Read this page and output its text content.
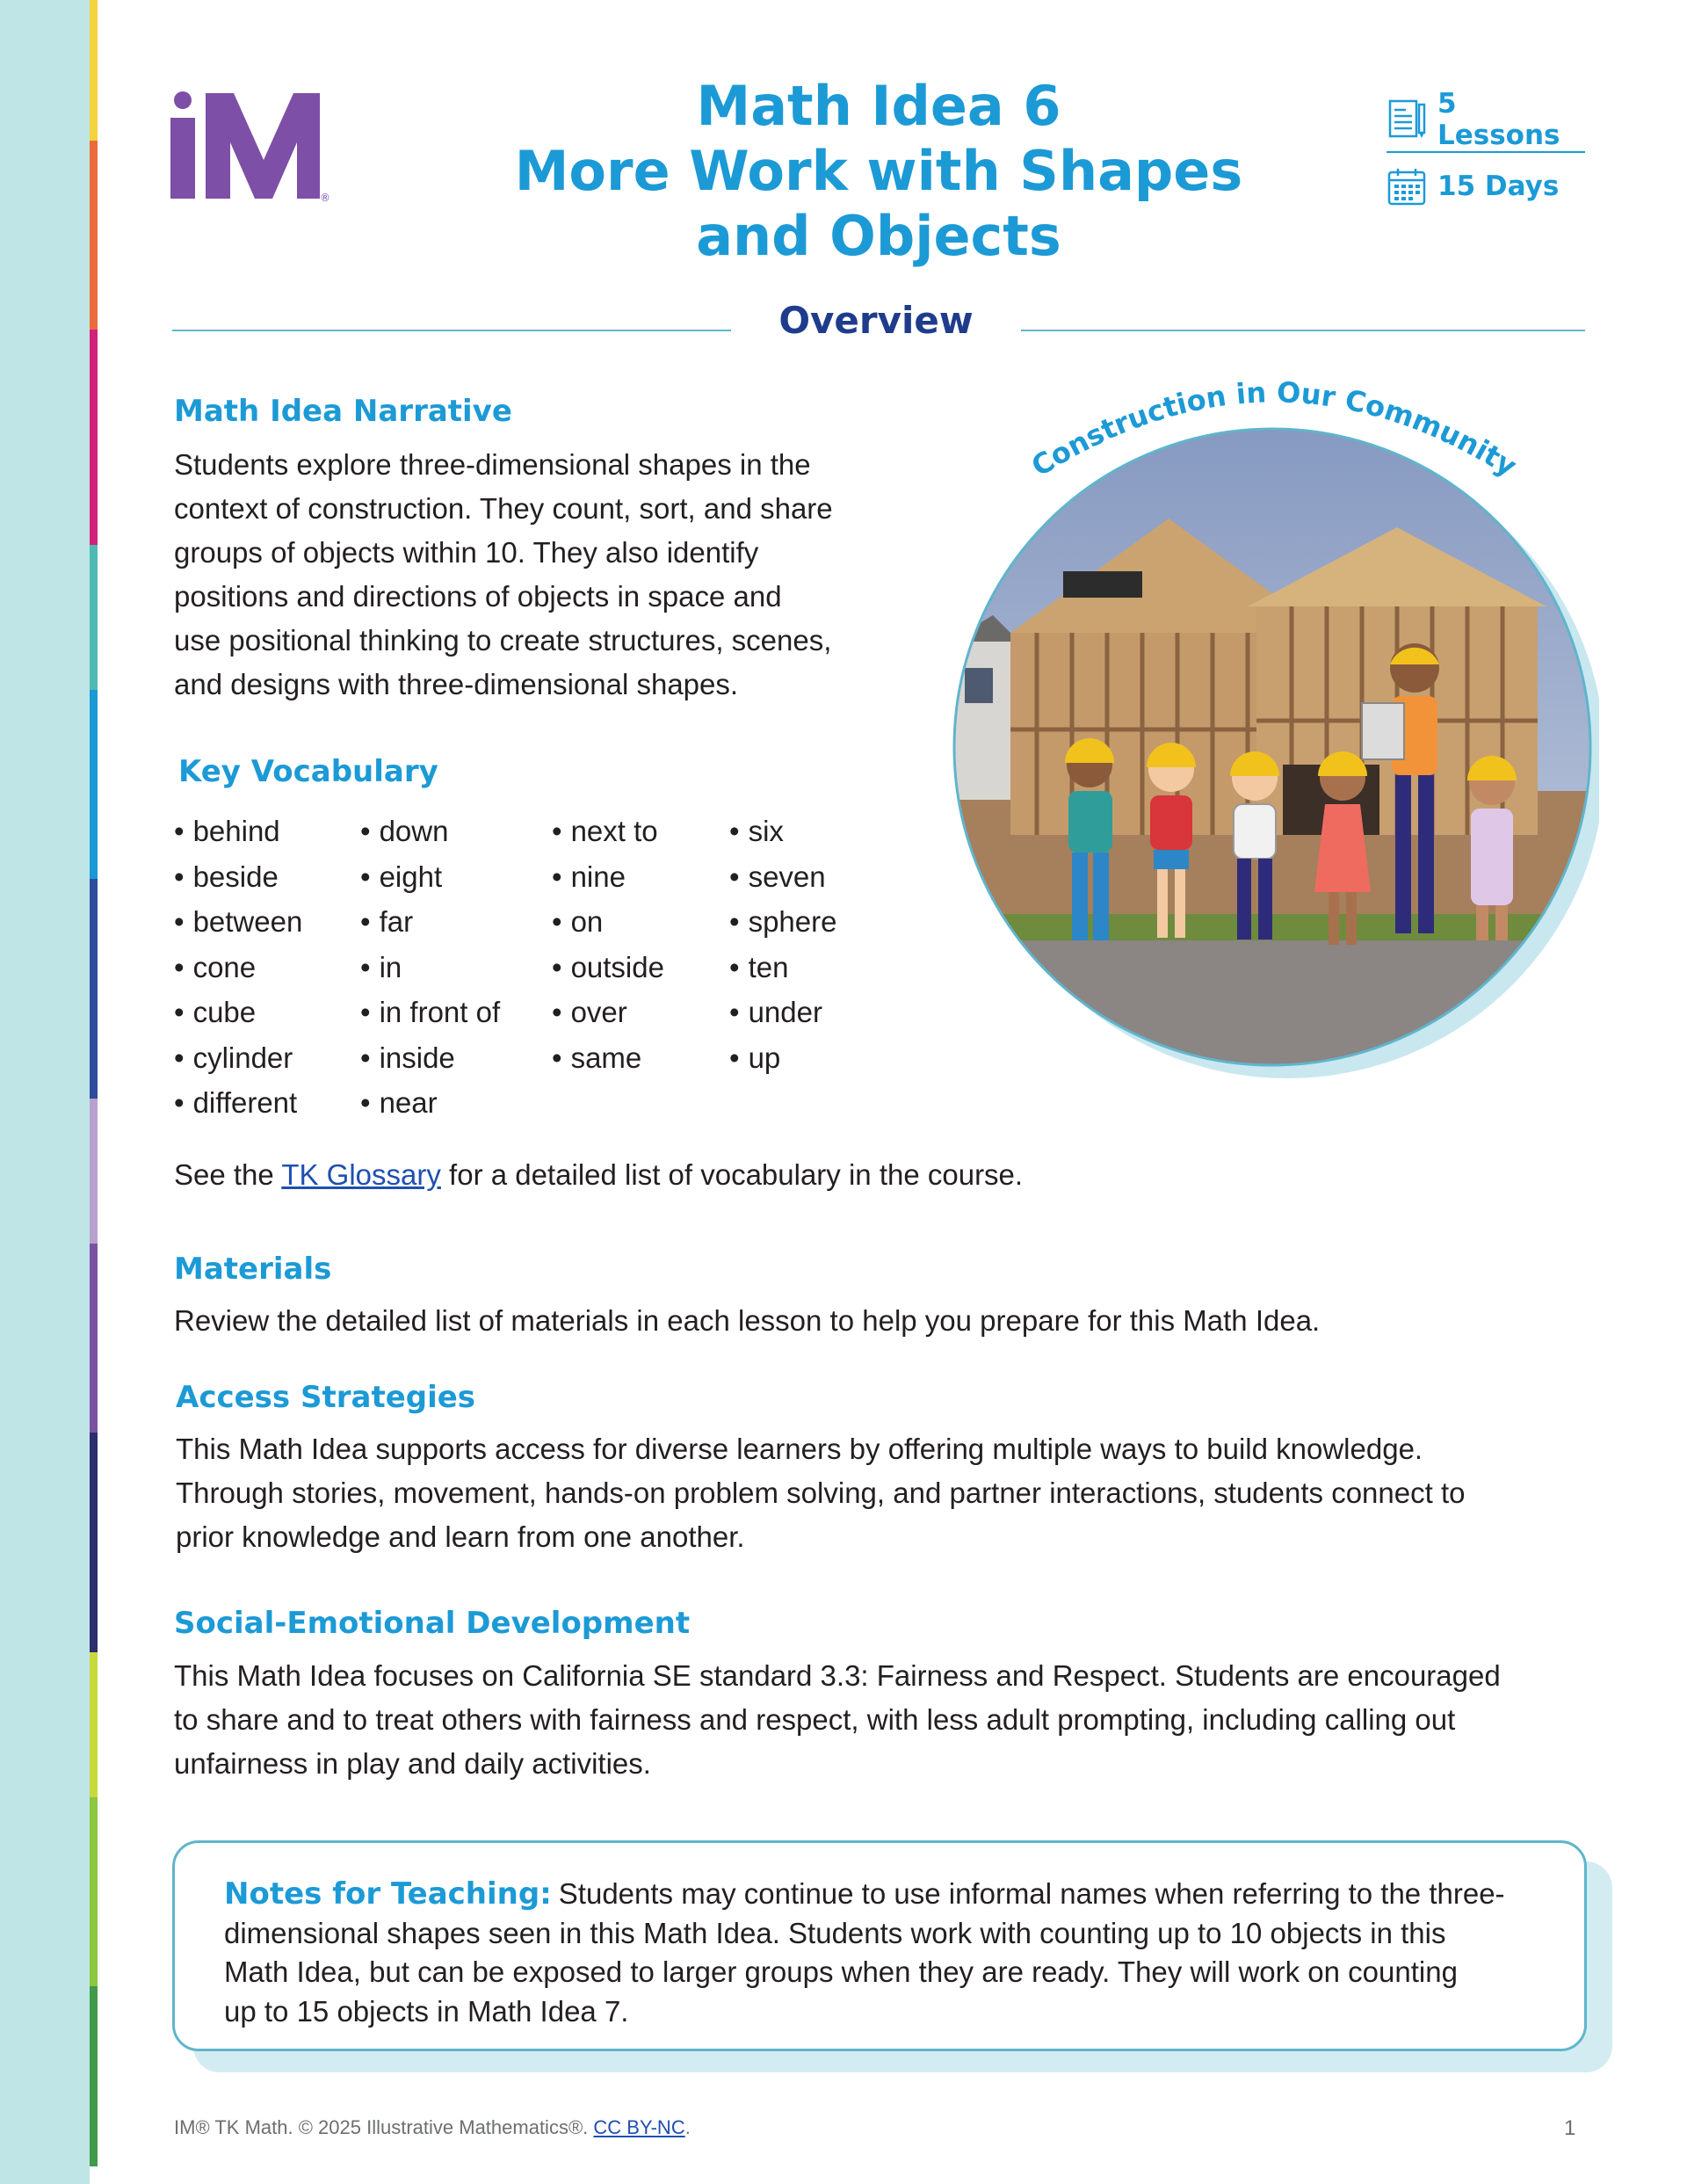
®
Math Idea 6
More Work with Shapes
and Objects
5 Lessons
15 Days
Overview
Math Idea Narrative

Students explore three-dimensional shapes in the
context of construction. They count, sort, and share
groups of objects within 10. They also identify
positions and directions of objects in space and
use positional thinking to create structures, scenes,
and designs with three-dimensional shapes.

Construction in Our Community
Key Vocabulary
• behind
• beside
• between
• cone
• cube
• cylinder
• different
• down
• eight
• far
• in
• in front of
• inside
• near
• next to
• nine
• on
• outside
• over
• same
• six
• seven
• sphere
• ten
• under
• up

See the TK Glossary for a detailed list of vocabulary in the course.

Materials

Review the detailed list of materials in each lesson to help you prepare for this Math Idea.

Access Strategies

This Math Idea supports access for diverse learners by offering multiple ways to build knowledge.
Through stories, movement, hands-on problem solving, and partner interactions, students connect to
prior knowledge and learn from one another.

Social-Emotional Development

This Math Idea focuses on California SE standard 3.3: Fairness and Respect. Students are encouraged
to share and to treat others with fairness and respect, with less adult prompting, including calling out
unfairness in play and daily activities.

Notes for Teaching: Students may continue to use informal names when referring to the three-
dimensional shapes seen in this Math Idea. Students work with counting up to 10 objects in this
Math Idea, but can be exposed to larger groups when they are ready. They will work on counting
up to 15 objects in Math Idea 7.
IM® TK Math. © 2025 Illustrative Mathematics®. CC BY-NC.	1
